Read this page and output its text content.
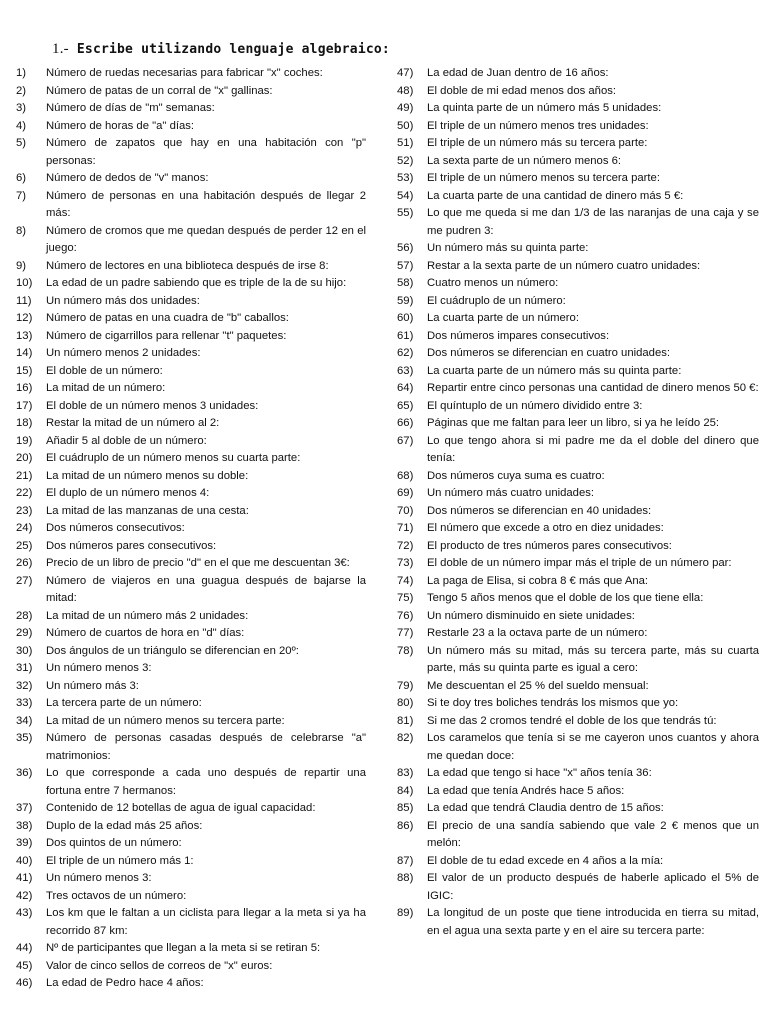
1.- Escribe utilizando lenguaje algebraico:
1) Número de ruedas necesarias para fabricar "x" coches:
2) Número de patas de un corral de "x" gallinas:
3) Número de días de "m" semanas:
4) Número de horas de "a" días:
5) Número de zapatos que hay en una habitación con "p" personas:
6) Número de dedos de "v" manos:
7) Número de personas en una habitación después de llegar 2 más:
8) Número de cromos que me quedan después de perder 12 en el juego:
9) Número de lectores en una biblioteca después de irse 8:
10) La edad de un padre sabiendo que es triple de la de su hijo:
11) Un número más dos unidades:
12) Número de patas en una cuadra de "b" caballos:
13) Número de cigarrillos para rellenar "t" paquetes:
14) Un número menos 2 unidades:
15) El doble de un número:
16) La mitad de un número:
17) El doble de un número menos 3 unidades:
18) Restar la mitad de un número al 2:
19) Añadir 5 al doble de un número:
20) El cuádruplo de un número menos su cuarta parte:
21) La mitad de un número menos su doble:
22) El duplo de un número menos 4:
23) La mitad de las manzanas de una cesta:
24) Dos números consecutivos:
25) Dos números pares consecutivos:
26) Precio de un libro de precio "d" en el que me descuentan 3€:
27) Número de viajeros en una guagua después de bajarse la mitad:
28) La mitad de un número más 2 unidades:
29) Número de cuartos de hora en "d" días:
30) Dos ángulos de un triángulo se diferencian en 20º:
31) Un número menos 3:
32) Un número más 3:
33) La tercera parte de un número:
34) La mitad de un número menos su tercera parte:
35) Número de personas casadas después de celebrarse "a" matrimonios:
36) Lo que corresponde a cada uno después de repartir una fortuna entre 7 hermanos:
37) Contenido de 12 botellas de agua de igual capacidad:
38) Duplo de la edad más 25 años:
39) Dos quintos de un número:
40) El triple de un número más 1:
41) Un número menos 3:
42) Tres octavos de un número:
43) Los km que le faltan a un ciclista para llegar a la meta si ya ha recorrido 87 km:
44) Nº de participantes que llegan a la meta si se retiran 5:
45) Valor de cinco sellos de correos de "x" euros:
46) La edad de Pedro hace 4 años:
47) La edad de Juan dentro de 16 años:
48) El doble de mi edad menos dos años:
49) La quinta parte de un número más 5 unidades:
50) El triple de un número menos tres unidades:
51) El triple de un número más su tercera parte:
52) La sexta parte de un número menos 6:
53) El triple de un número menos su tercera parte:
54) La cuarta parte de una cantidad de dinero más 5 €:
55) Lo que me queda si me dan 1/3 de las naranjas de una caja y se me pudren 3:
56) Un número más su quinta parte:
57) Restar a la sexta parte de un número cuatro unidades:
58) Cuatro menos un número:
59) El cuádruplo de un número:
60) La cuarta parte de un número:
61) Dos números impares consecutivos:
62) Dos números se diferencian en cuatro unidades:
63) La cuarta parte de un número más su quinta parte:
64) Repartir entre cinco personas una cantidad de dinero menos 50 €:
65) El quíntuplo de un número dividido entre 3:
66) Páginas que me faltan para leer un libro, si ya he leído 25:
67) Lo que tengo ahora si mi padre me da el doble del dinero que tenía:
68) Dos números cuya suma es cuatro:
69) Un número más cuatro unidades:
70) Dos números se diferencian en 40 unidades:
71) El número que excede a otro en diez unidades:
72) El producto de tres números pares consecutivos:
73) El doble de un número impar más el triple de un número par:
74) La paga de Elisa, si cobra 8 € más que Ana:
75) Tengo 5 años menos que el doble de los que tiene ella:
76) Un número disminuido en siete unidades:
77) Restarle 23 a la octava parte de un número:
78) Un número más su mitad, más su tercera parte, más su cuarta parte, más su quinta parte es igual a cero:
79) Me descuentan el 25 % del sueldo mensual:
80) Si te doy tres boliches tendrás los mismos que yo:
81) Si me das 2 cromos tendré el doble de los que tendrás tú:
82) Los caramelos que tenía si se me cayeron unos cuantos y ahora me quedan doce:
83) La edad que tengo si hace "x" años tenía 36:
84) La edad que tenía Andrés hace 5 años:
85) La edad que tendrá Claudia dentro de 15 años:
86) El precio de una sandía sabiendo que vale 2 € menos que un melón:
87) El doble de tu edad excede en 4 años a la mía:
88) El valor de un producto después de haberle aplicado el 5% de IGIC:
89) La longitud de un poste que tiene introducida en tierra su mitad, en el agua una sexta parte y en el aire su tercera parte:
